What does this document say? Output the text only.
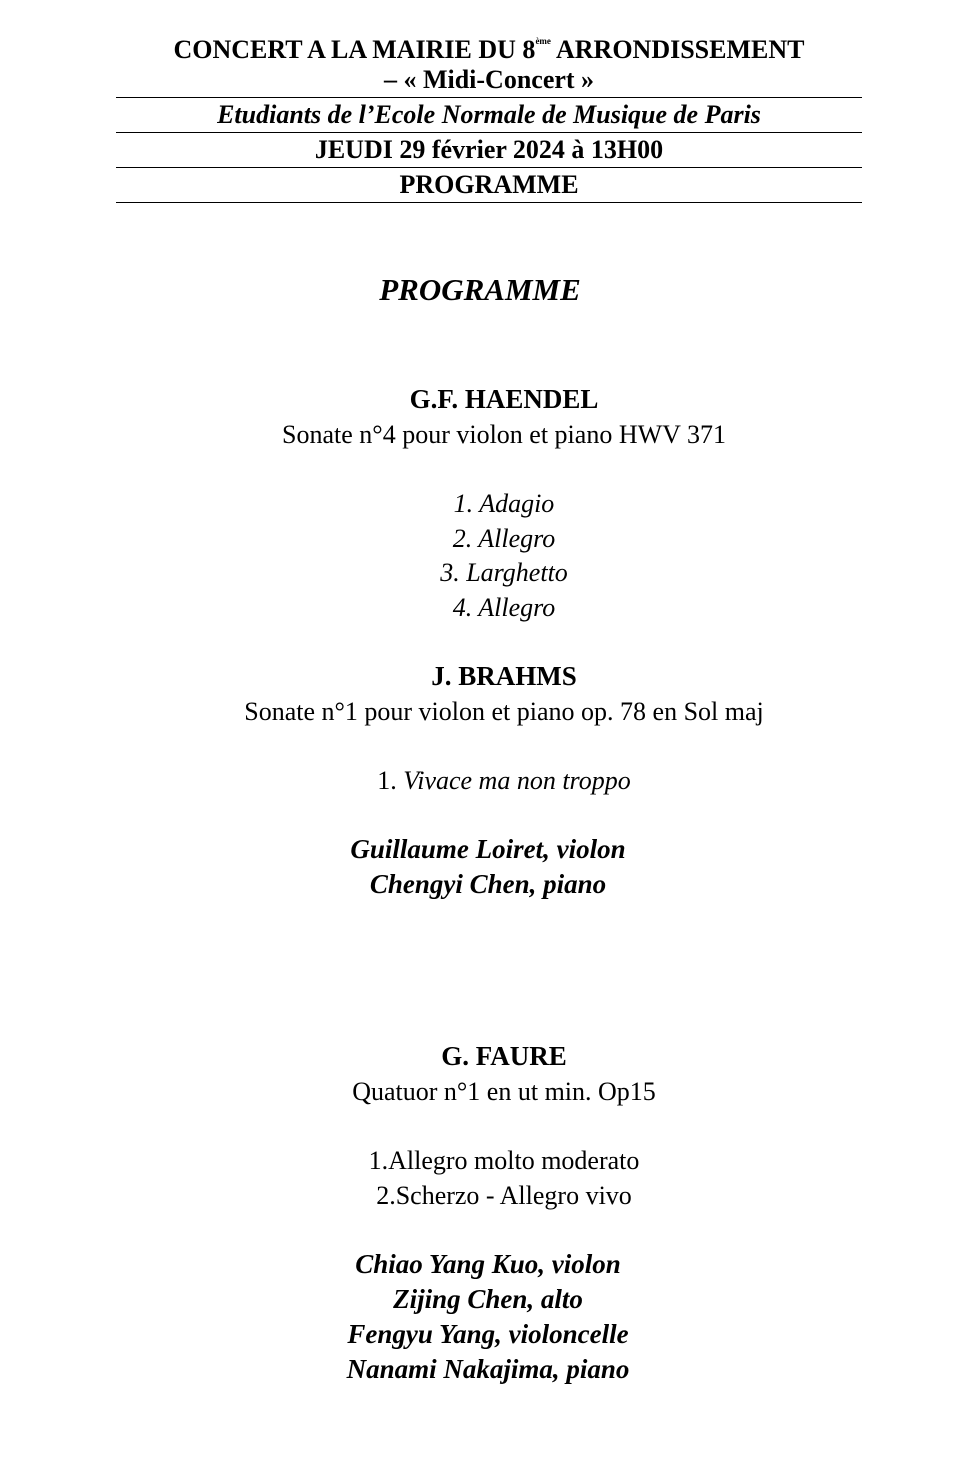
CONCERT A LA MAIRIE DU 8ème ARRONDISSEMENT
– « Midi-Concert »
Etudiants de l’Ecole Normale de Musique de Paris
JEUDI 29 février 2024 à 13H00
PROGRAMME
PROGRAMME
G.F. HAENDEL
Sonate n°4 pour violon et piano HWV 371
1. Adagio
2. Allegro
3. Larghetto
4. Allegro
J. BRAHMS
Sonate n°1 pour violon et piano op. 78 en Sol maj
1. Vivace ma non troppo
Guillaume Loiret, violon
Chengyi Chen, piano
G. FAURE
Quatuor n°1 en ut min. Op15
1.Allegro molto moderato
2.Scherzo - Allegro vivo
Chiao Yang Kuo, violon
Zijing Chen, alto
Fengyu Yang, violoncelle
Nanami Nakajima, piano
